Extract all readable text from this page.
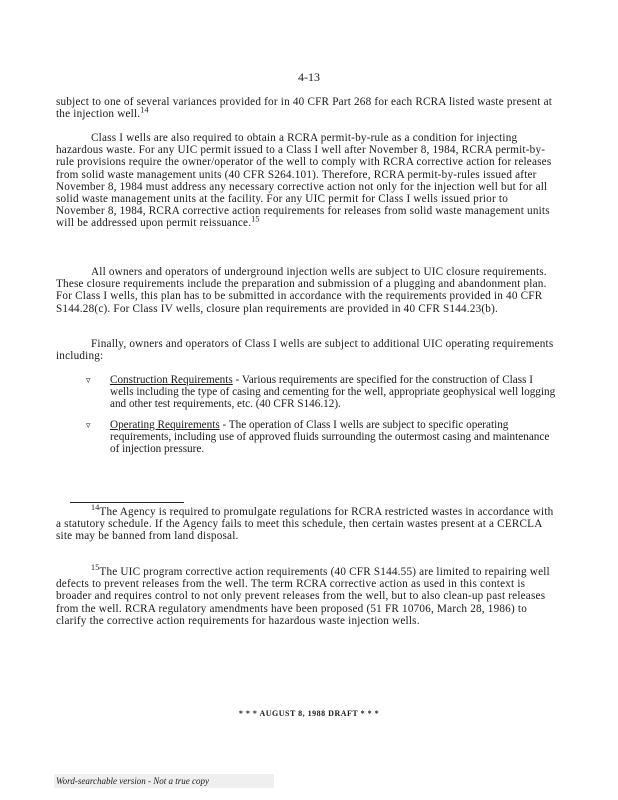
4-13
subject to one of several variances provided for in 40 CFR Part 268 for each RCRA listed waste present at the injection well.$^{14}$
Class I wells are also required to obtain a RCRA permit-by-rule as a condition for injecting hazardous waste. For any UIC permit issued to a Class I well after November 8, 1984, RCRA permit-by-rule provisions require the owner/operator of the well to comply with RCRA corrective action for releases from solid waste management units (40 CFR S264.101). Therefore, RCRA permit-by-rules issued after November 8, 1984 must address any necessary corrective action not only for the injection well but for all solid waste management units at the facility. For any UIC permit for Class I wells issued prior to November 8, 1984, RCRA corrective action requirements for releases from solid waste management units will be addressed upon permit reissuance.$^{15}$
All owners and operators of underground injection wells are subject to UIC closure requirements. These closure requirements include the preparation and submission of a plugging and abandonment plan. For Class I wells, this plan has to be submitted in accordance with the requirements provided in 40 CFR S144.28(c). For Class IV wells, closure plan requirements are provided in 40 CFR S144.23(b).
Finally, owners and operators of Class I wells are subject to additional UIC operating requirements including:
▿ Construction Requirements - Various requirements are specified for the construction of Class I wells including the type of casing and cementing for the well, appropriate geophysical well logging and other test requirements, etc. (40 CFR S146.12).
▿ Operating Requirements - The operation of Class I wells are subject to specific operating requirements, including use of approved fluids surrounding the outermost casing and maintenance of injection pressure.
$^{14}$The Agency is required to promulgate regulations for RCRA restricted wastes in accordance with a statutory schedule. If the Agency fails to meet this schedule, then certain wastes present at a CERCLA site may be banned from land disposal.
$^{15}$The UIC program corrective action requirements (40 CFR S144.55) are limited to repairing well defects to prevent releases from the well. The term RCRA corrective action as used in this context is broader and requires control to not only prevent releases from the well, but to also clean-up past releases from the well. RCRA regulatory amendments have been proposed (51 FR 10706, March 28, 1986) to clarify the corrective action requirements for hazardous waste injection wells.
* * * AUGUST 8, 1988 DRAFT * * *
Word-searchable version - Not a true copy
